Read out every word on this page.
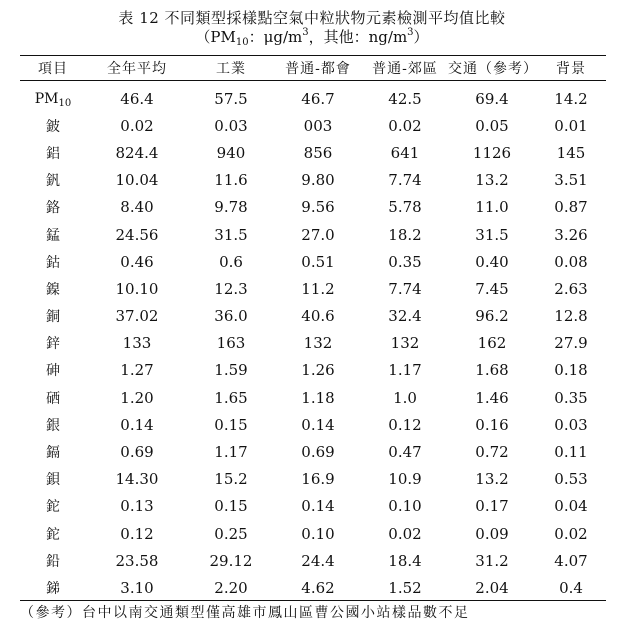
表 12 不同類型採樣點空氣中粒狀物元素檢測平均值比較
（$PM_{10}$：$\mu g/m^3$，其他：$ng/m^3$）
項目	全年平均	工業	普通-都會	普通-郊區	交通（參考）	背景
$PM_{10}$	46.4	57.5	46.7	42.5	69.4	14.2
鈹	0.02	0.03	003	0.02	0.05	0.01
鋁	824.4	940	856	641	1126	145
釩	10.04	11.6	9.80	7.74	13.2	3.51
鉻	8.40	9.78	9.56	5.78	11.0	0.87
錳	24.56	31.5	27.0	18.2	31.5	3.26
鈷	0.46	0.6	0.51	0.35	0.40	0.08
鎳	10.10	12.3	11.2	7.74	7.45	2.63
銅	37.02	36.0	40.6	32.4	96.2	12.8
鋅	133	163	132	132	162	27.9
砷	1.27	1.59	1.26	1.17	1.68	0.18
硒	1.20	1.65	1.18	1.0	1.46	0.35
銀	0.14	0.15	0.14	0.12	0.16	0.03
鎘	0.69	1.17	0.69	0.47	0.72	0.11
鋇	14.30	15.2	16.9	10.9	13.2	0.53
鉈	0.13	0.15	0.14	0.10	0.17	0.04
鉈	0.12	0.25	0.10	0.02	0.09	0.02
鉛	23.58	29.12	24.4	18.4	31.2	4.07
銻	3.10	2.20	4.62	1.52	2.04	0.4
（參考）台中以南交通類型僅高雄市鳳山區曹公國小站樣品數不足
